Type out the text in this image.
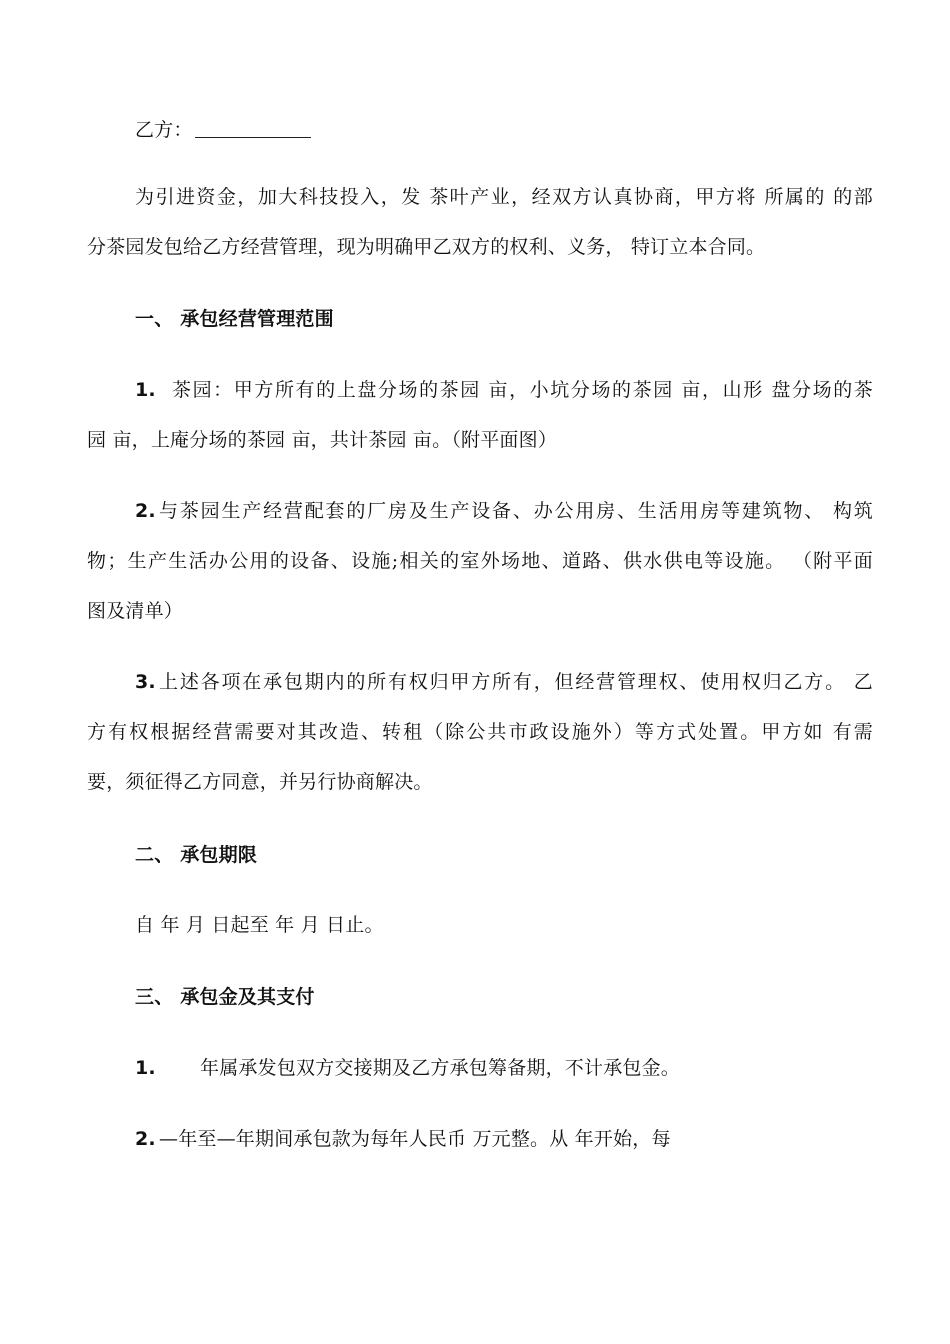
乙方：
为引进资金，加大科技投入，发 茶叶产业，经双方认真协商，甲方将 所属的 的部
分茶园发包给乙方经营管理，现为明确甲乙双方的权利、义务， 特订立本合同。
一、 承包经营管理范围
1. 茶园：甲方所有的上盘分场的茶园 亩，小坑分场的茶园 亩，山形 盘分场的茶
园 亩，上庵分场的茶园 亩，共计茶园 亩。（附平面图）
2. 与茶园生产经营配套的厂房及生产设备、办公用房、生活用房等建筑物、 构筑
物；生产生活办公用的设备、设施;相关的室外场地、道路、供水供电等设施。 （附平面
图及清单）
3. 上述各项在承包期内的所有权归甲方所有，但经营管理权、使用权归乙方。 乙
方有权根据经营需要对其改造、转租（除公共市政设施外）等方式处置。甲方如 有需
要，须征得乙方同意，并另行协商解决。
二、 承包期限
自 年 月 日起至 年 月 日止。
三、 承包金及其支付
1. 年属承发包双方交接期及乙方承包筹备期，不计承包金。
2. —年至—年期间承包款为每年人民币 万元整。从 年开始，每
